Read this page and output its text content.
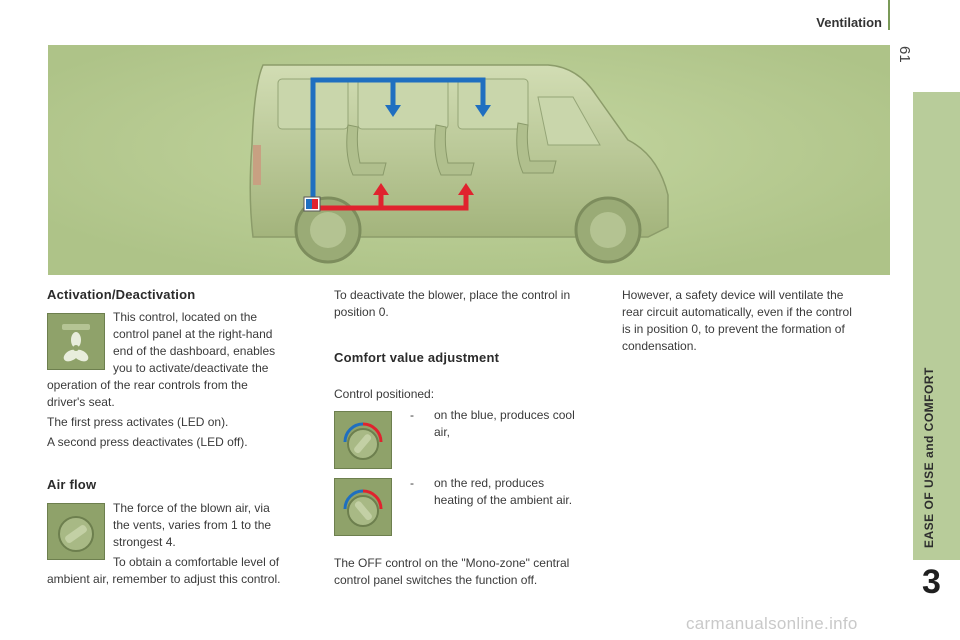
Ventilation
61
EASE OF USE and COMFORT
3
Activation/Deactivation
This control, located on the
control panel at the right-hand
end of the dashboard, enables
you to activate/deactivate the
operation of the rear controls from the
driver's seat.
The first press activates (LED on).
A second press deactivates (LED off).
Air flow
The force of the blown air, via
the vents, varies from 1 to the
strongest 4.
To obtain a comfortable level of
ambient air, remember to adjust this control.
To deactivate the blower, place the control in
position 0.
Comfort value adjustment
Control positioned:
-	on the blue, produces cool
air,
-	on the red, produces
heating of the ambient air.
The OFF control on the "Mono-zone" central
control panel switches the function off.
However, a safety device will ventilate the
rear circuit automatically, even if the control
is in position 0, to prevent the formation of
condensation.
carmanualsonline.info
